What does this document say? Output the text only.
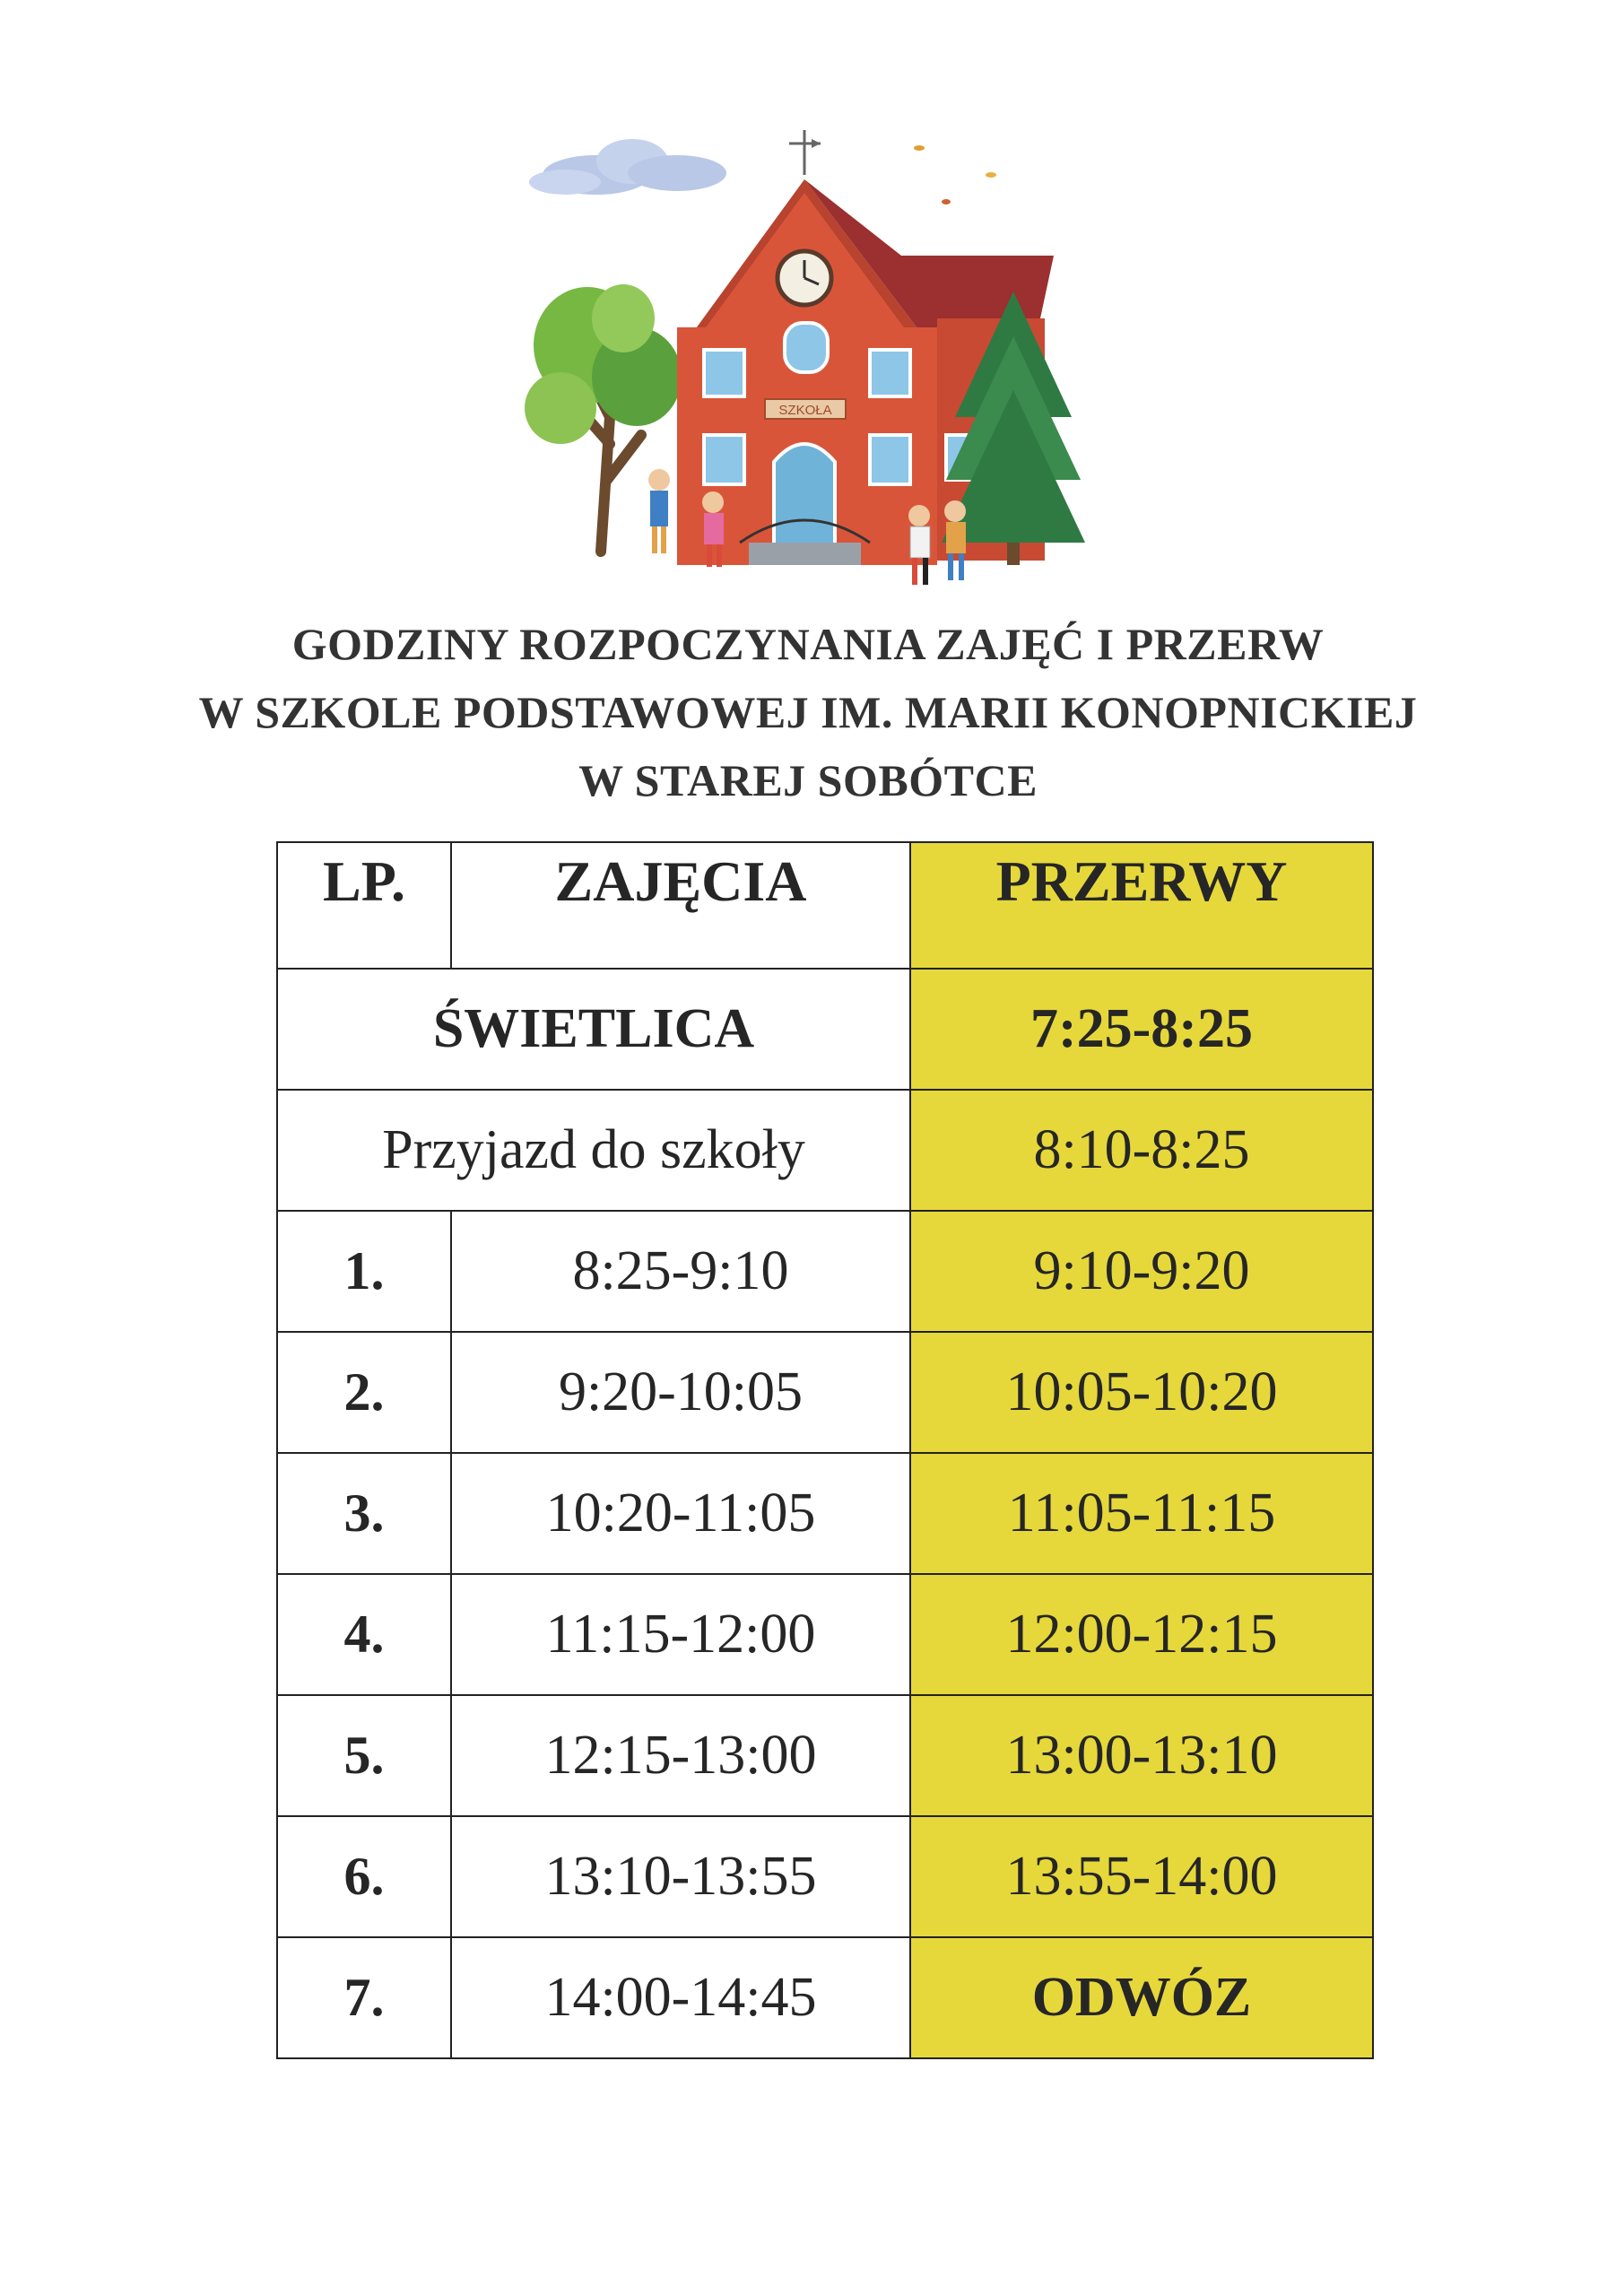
SZKOŁA
GODZINY ROZPOCZYNANIA ZAJĘĆ I PRZERW
W SZKOLE PODSTAWOWEJ IM. MARII KONOPNICKIEJ
W STAREJ SOBÓTCE
LP.	ZAJĘCIA	PRZERWY
ŚWIETLICA		7:25-8:25
Przyjazd do szkoły		8:10-8:25
1.	8:25-9:10	9:10-9:20
2.	9:20-10:05	10:05-10:20
3.	10:20-11:05	11:05-11:15
4.	11:15-12:00	12:00-12:15
5.	12:15-13:00	13:00-13:10
6.	13:10-13:55	13:55-14:00
7.	14:00-14:45	ODWÓZ
